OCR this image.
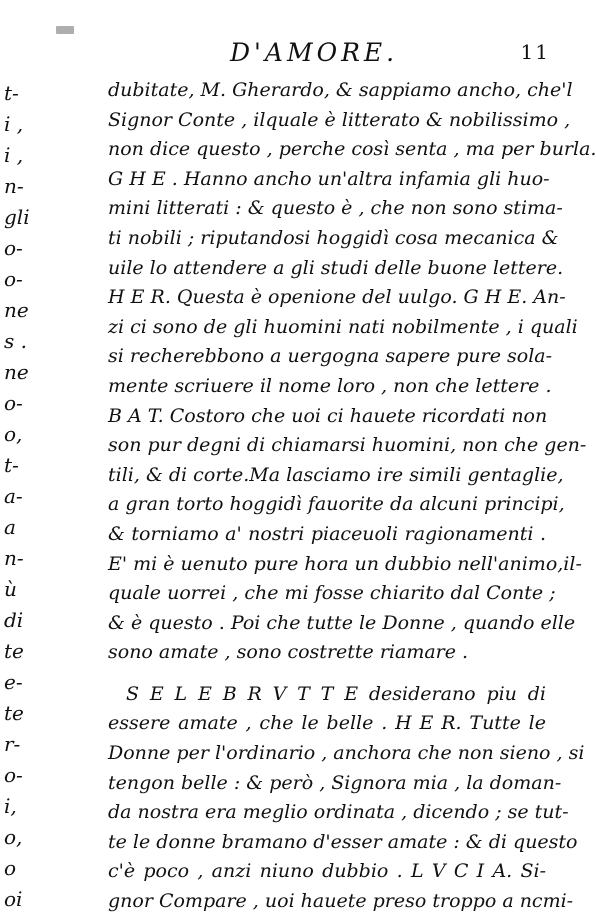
t-
i ,
i ,
n-
gli
o-
o-
ne
s .
ne
o-
o,
t-
a-
a
n-
ù
di
te
e-
te
r-
o-
i,
o,
o
oi
D'AMORE.	11
dubitate, M. Gherardo, & sappiamo ancho, che'l
Signor Conte , ilquale è litterato & nobilissimo ,
non dice questo , perche così senta , ma per burla.
G H E . Hanno ancho un'altra infamia gli huo-
mini litterati : & questo è , che non sono stima-
ti nobili ; riputandosi hoggidì cosa mecanica &
uile lo attendere a gli studi delle buone lettere.
H E R. Questa è openione del uulgo. G H E. An-
zi ci sono de gli huomini nati nobilmente , i quali
si recherebbono a uergogna sapere pure sola-
mente scriuere il nome loro , non che lettere .
B A T. Costoro che uoi ci hauete ricordati non
son pur degni di chiamarsi huomini, non che gen-
tili, & di corte.Ma lasciamo ire simili gentaglie,
a gran torto hoggidì fauorite da alcuni principi,
& torniamo a' nostri piaceuoli ragionamenti .
E' mi è uenuto pure hora un dubbio nell'animo,il-
quale uorrei , che mi fosse chiarito dal Conte ;
& è questo . Poi che tutte le Donne , quando elle
sono amate , sono costrette riamare .
S E L E B R V T T E desiderano piu di
essere amate , che le belle . H E R. Tutte le
Donne per l'ordinario , anchora che non sieno , si
tengon belle : & però , Signora mia , la doman-
da nostra era meglio ordinata , dicendo ; se tut-
te le donne bramano d'esser amate : & di questo
c'è poco , anzi niuno dubbio . L V C I A. Si-
gnor Compare , uoi hauete preso troppo a ncmi-
